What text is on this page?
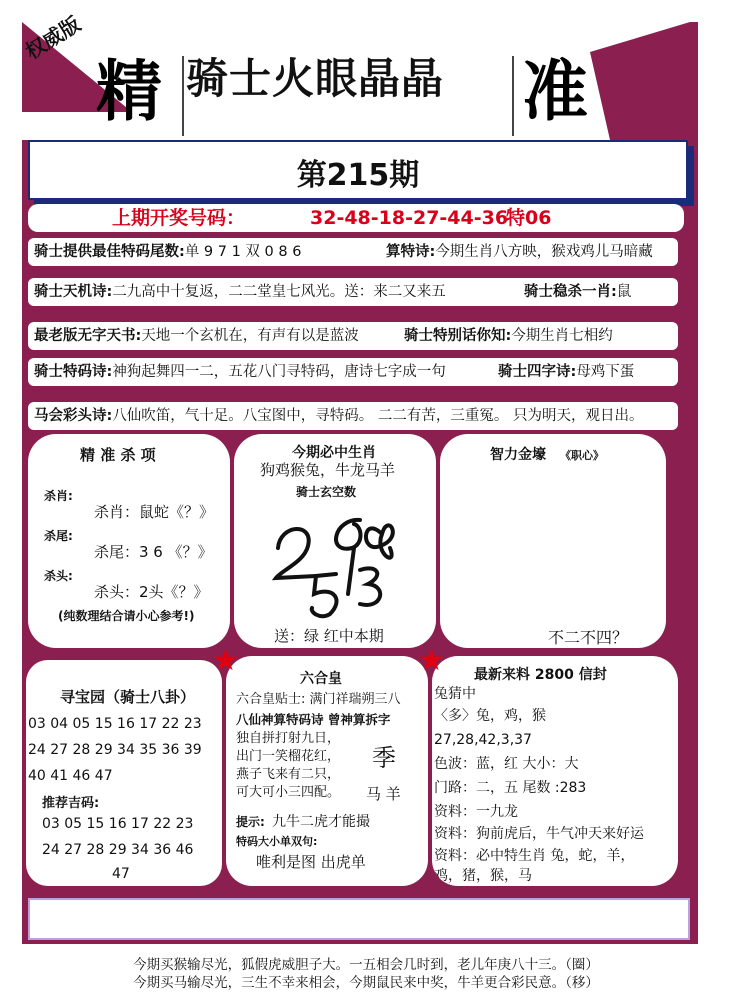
权威版
精 骑士火眼晶晶	准
第215期
上期开奖号码：	32-48-18-27-44-36
特06
骑士提供最佳特码尾数:单 9 7 1 双 0 8 6	算特诗:今期生肖八方映，猴戏鸡儿马暗藏
骑士天机诗:二九高中十复返，二二堂皇七风光。送：来二又来五	骑士稳杀一肖:鼠
最老版无字天书:天地一个玄机在，有声有以是蓝波	骑士特别话你知:今期生肖七相约
骑士特码诗:神狗起舞四一二，五花八门寻特码，唐诗七字成一句	骑士四字诗:母鸡下蛋
马会彩头诗:八仙吹笛，气十足。八宝图中，寻特码。 二二有苦，三重冤。 只为明天，观日出。
精 准 杀 项
杀肖:
杀肖：鼠蛇《？》
杀尾:
杀尾：3 6 《？》
杀头:
杀头：2头《？》
(纯数理结合请小心参考!)
今期必中生肖
狗鸡猴兔，牛龙马羊
骑士玄空数
送：绿 红中本期
智力金壕 《职心》
不二不四？
寻宝园（骑士八卦）
03 04 05 15 16 17 22 23
24 27 28 29 34 35 36 39
40 41 46 47
推荐吉码:
03 05 15 16 17 22 23
24 27 28 29 34 36 46
47
六合皇
六合皇贴士: 满门祥瑞朔三八
八仙神算特码诗 曾神算拆字
独自拼打射九日，
出门一笑榴花红，
燕子飞来有二只，
可大可小三四配。
季
马 羊
提示: 九牛二虎才能撮
特码大小单双句:
唯利是图 出虎单
最新来料 2800 信封
兔猜中
〈多〉兔，鸡，猴
27,28,42,3,37
色波：蓝，红 大小：大
门路：二，五 尾数 :283
资料：一九龙
资料：狗前虎后，牛气冲天来好运
资料：必中特生肖 兔，蛇，羊，
鸡，猪，猴，马
★	★
今期买猴输尽光，狐假虎威胆子大。一五相会几时到，老儿年庚八十三。（圈）
今期买马输尽光，三生不幸来相会，今期鼠民来中奖，牛羊更合彩民意。（移）
